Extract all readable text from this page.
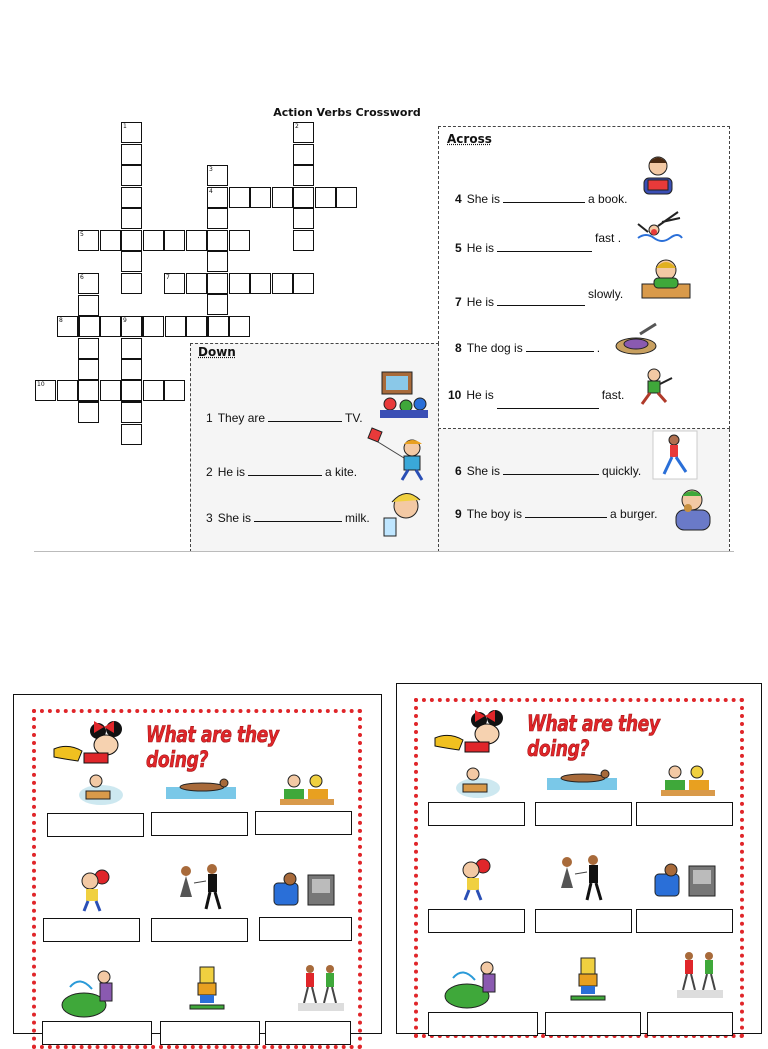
Action Verbs Crossword
1	2
3
4
5
6	7
8	9
10
Across
Down
4 She is	a book.
5 He isfast .
7 He isslowly.
8 The dog is	.
10 He is	fast.
6 She is	quickly.
9 The boy is	a burger.
1 They are	TV.
2 He is	a kite.
3 She is	milk.
What are they doing?
What are they doing?
